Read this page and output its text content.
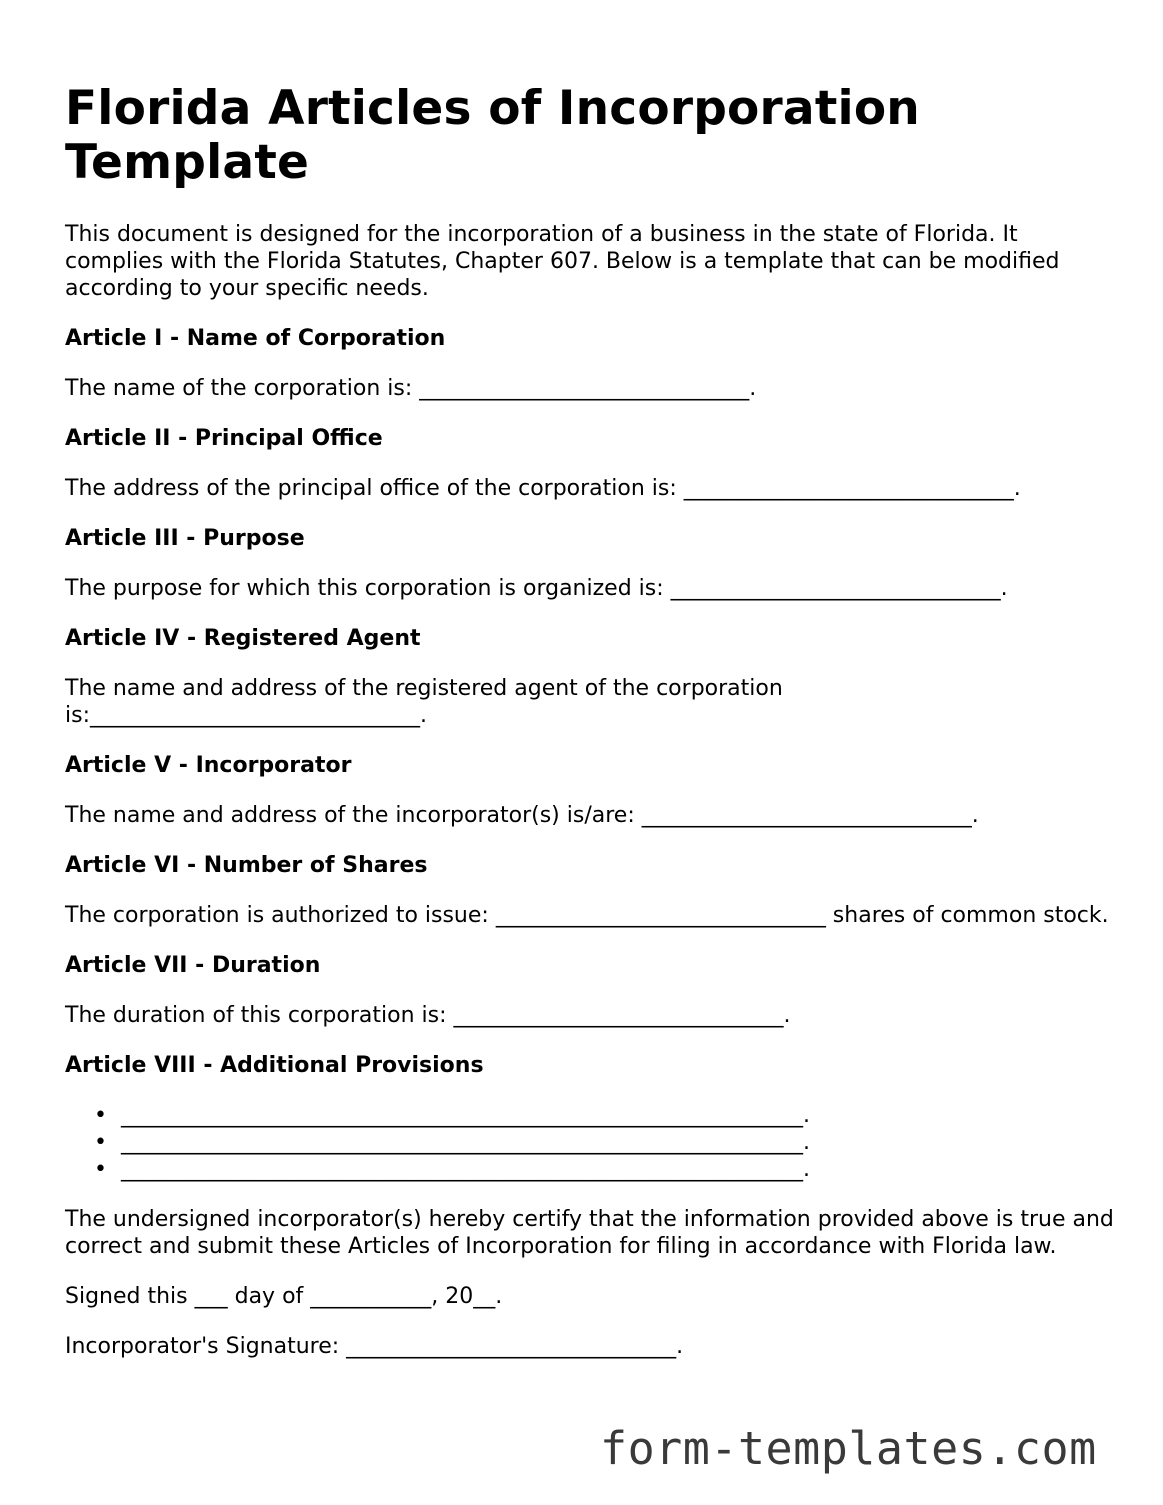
Florida Articles of Incorporation Template

This document is designed for the incorporation of a business in the state of Florida. It complies with the Florida Statutes, Chapter 607. Below is a template that can be modified according to your specific needs.

Article I - Name of Corporation

The name of the corporation is: ______________________________.

Article II - Principal Office

The address of the principal office of the corporation is: ______________________________.

Article III - Purpose

The purpose for which this corporation is organized is: ______________________________.

Article IV - Registered Agent

The name and address of the registered agent of the corporation is:______________________________.

Article V - Incorporator

The name and address of the incorporator(s) is/are: ______________________________.

Article VI - Number of Shares

The corporation is authorized to issue: ______________________________ shares of common stock.

Article VII - Duration

The duration of this corporation is: ______________________________.

Article VIII - Additional Provisions
• ______________________________________________________________.
• ______________________________________________________________.
• ______________________________________________________________.

The undersigned incorporator(s) hereby certify that the information provided above is true and correct and submit these Articles of Incorporation for filing in accordance with Florida law.

Signed this ___ day of ___________, 20__.

Incorporator's Signature: ______________________________.

form-templates.com
